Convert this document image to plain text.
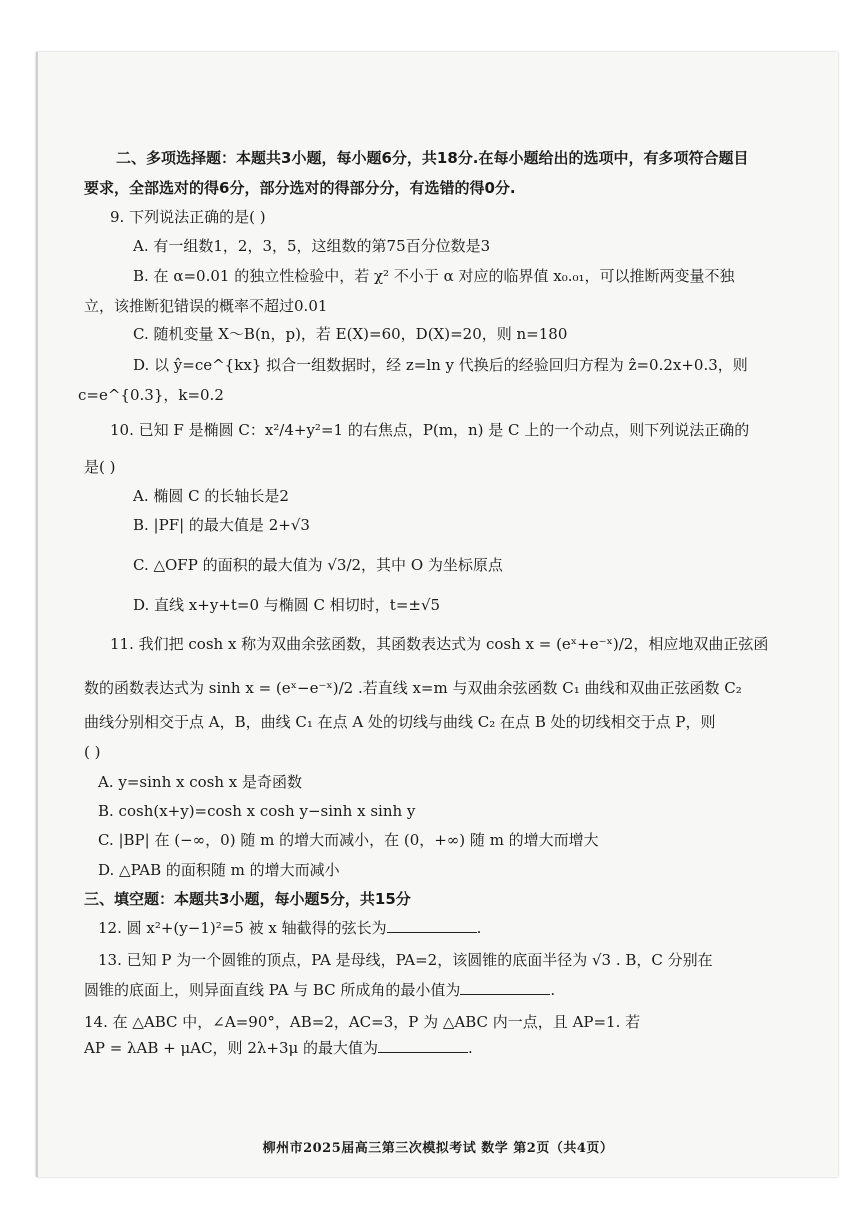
二、多项选择题：本题共3小题，每小题6分，共18分.在每小题给出的选项中，有多项符合题目
要求，全部选对的得6分，部分选对的得部分分，有选错的得0分.
9. 下列说法正确的是( )
A. 有一组数1，2，3，5，这组数的第75百分位数是3
B. 在 α=0.01 的独立性检验中，若 χ² 不小于 α 对应的临界值 x₀.₀₁，可以推断两变量不独
立，该推断犯错误的概率不超过0.01
C. 随机变量 X～B(n，p)，若 E(X)=60，D(X)=20，则 n=180
D. 以 ŷ=ce^{kx} 拟合一组数据时，经 z=ln y 代换后的经验回归方程为 ẑ=0.2x+0.3，则
c=e^{0.3}，k=0.2
10. 已知 F 是椭圆 C：x²/4+y²=1 的右焦点，P(m，n) 是 C 上的一个动点，则下列说法正确的
是( )
A. 椭圆 C 的长轴长是2
B. |PF| 的最大值是 2+√3
C. △OFP 的面积的最大值为 √3/2，其中 O 为坐标原点
D. 直线 x+y+t=0 与椭圆 C 相切时，t=±√5
11. 我们把 cosh x 称为双曲余弦函数，其函数表达式为 cosh x = (eˣ+e⁻ˣ)/2，相应地双曲正弦函
数的函数表达式为 sinh x = (eˣ−e⁻ˣ)/2 .若直线 x=m 与双曲余弦函数 C₁ 曲线和双曲正弦函数 C₂
曲线分别相交于点 A，B，曲线 C₁ 在点 A 处的切线与曲线 C₂ 在点 B 处的切线相交于点 P，则
( )
A. y=sinh x cosh x 是奇函数
B. cosh(x+y)=cosh x cosh y−sinh x sinh y
C. |BP| 在 (−∞，0) 随 m 的增大而减小，在 (0，+∞) 随 m 的增大而增大
D. △PAB 的面积随 m 的增大而减小
三、填空题：本题共3小题，每小题5分，共15分
12. 圆 x²+(y−1)²=5 被 x 轴截得的弦长为	.
13. 已知 P 为一个圆锥的顶点，PA 是母线，PA=2，该圆锥的底面半径为 √3 . B，C 分别在
圆锥的底面上，则异面直线 PA 与 BC 所成角的最小值为	.
14. 在 △ABC 中，∠A=90°，AB=2，AC=3，P 为 △ABC 内一点，且 AP=1. 若
AP = λAB + μAC，则 2λ+3μ 的最大值为	.
柳州市2025届高三第三次模拟考试 数学 第2页（共4页）
